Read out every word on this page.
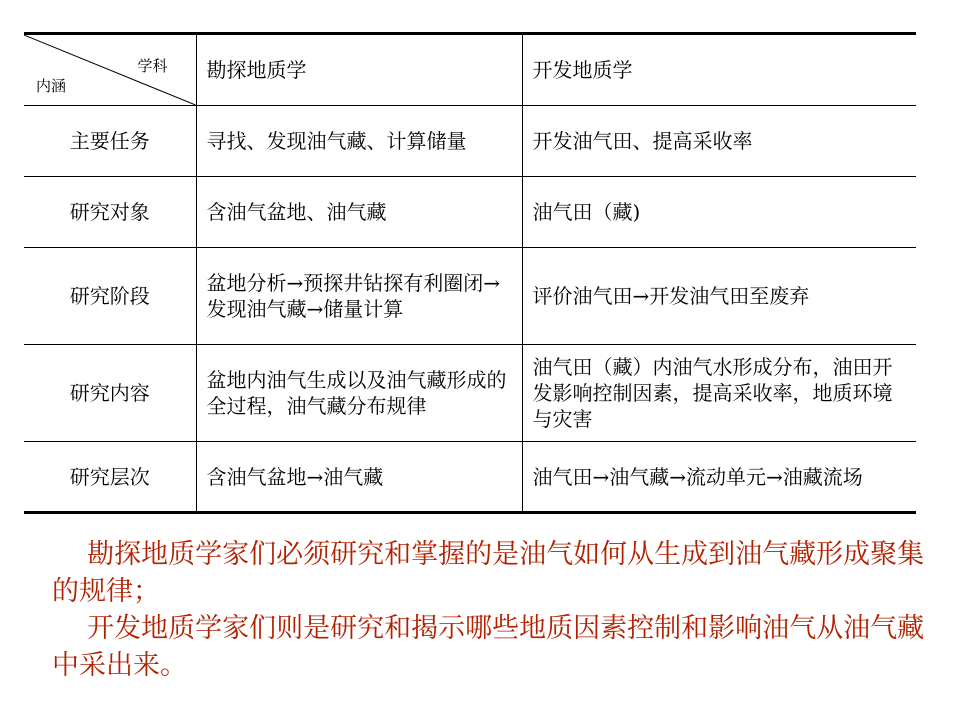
学科
内涵	勘探地质学	开发地质学
主要任务	寻找、发现油气藏、计算储量	开发油气田、提高采收率
研究对象	含油气盆地、油气藏	油气田（藏)
研究阶段	盆地分析→预探井钻探有利圈闭→发现油气藏→储量计算	评价油气田→开发油气田至废弃
研究内容	盆地内油气生成以及油气藏形成的全过程，油气藏分布规律	油气田（藏）内油气水形成分布，油田开发影响控制因素，提高采收率，地质环境与灾害
研究层次	含油气盆地→油气藏	油气田→油气藏→流动单元→油藏流场

勘探地质学家们必须研究和掌握的是油气如何从生成到油气藏形成聚集的规律；

开发地质学家们则是研究和揭示哪些地质因素控制和影响油气从油气藏中采出来。
